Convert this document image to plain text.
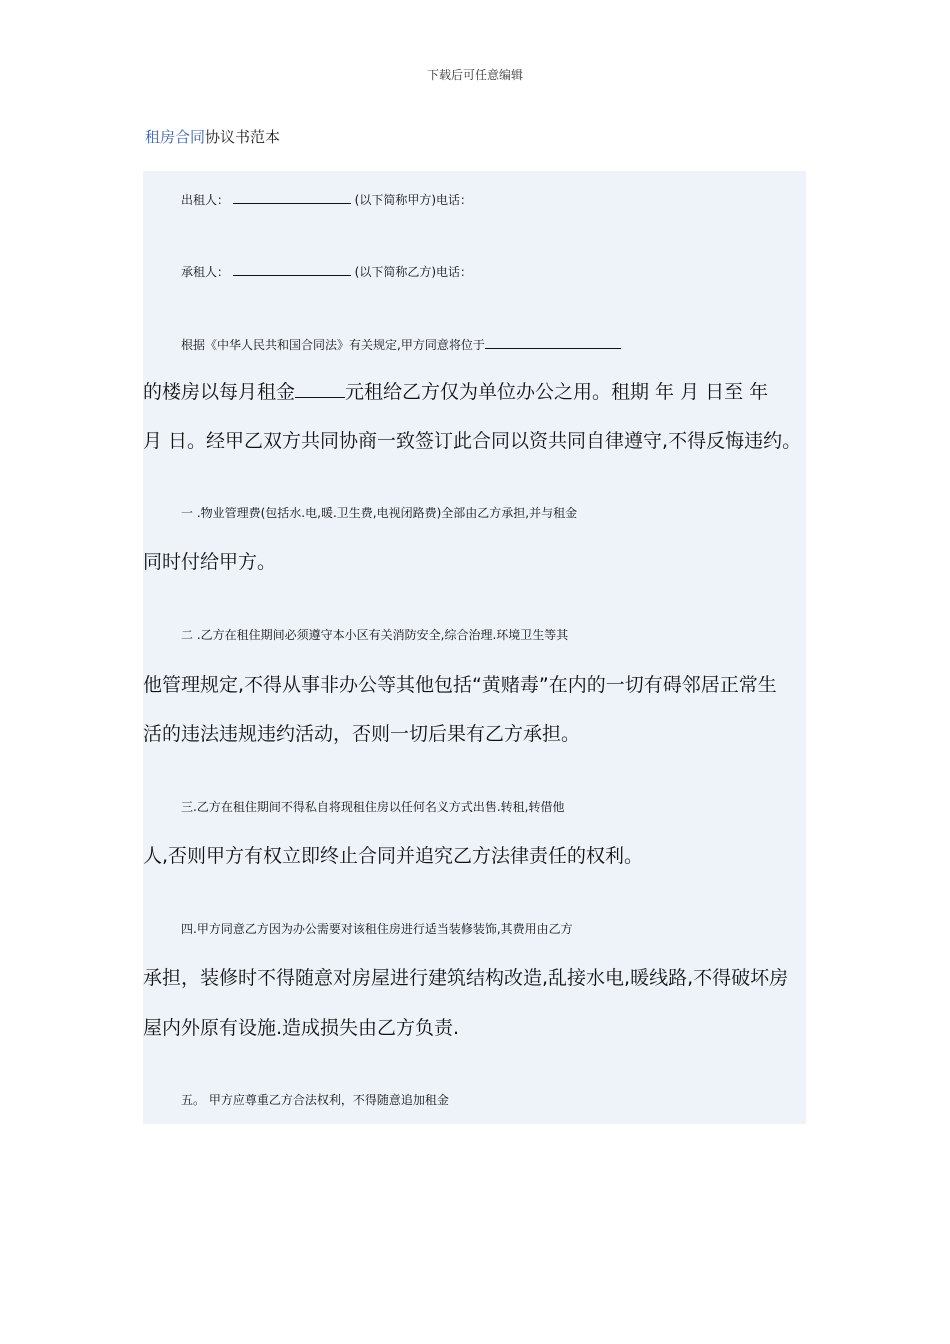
下载后可任意编辑
租房合同协议书范本
出租人：	(以下简称甲方)电话：
承租人：	(以下简称乙方)电话：
根据《中华人民共和国合同法》有关规定,甲方同意将位于
的楼房以每月租金	元租给乙方仅为单位办公之用。租期 年 月 日至 年
月 日。经甲乙双方共同协商一致签订此合同以资共同自律遵守,不得反悔违约。
一 .物业管理费(包括水.电,暖.卫生费,电视闭路费)全部由乙方承担,并与租金
同时付给甲方。
二 .乙方在租住期间必须遵守本小区有关消防安全,综合治理.环境卫生等其
他管理规定,不得从事非办公等其他包括“黄赌毒”在内的一切有碍邻居正常生
活的违法违规违约活动，否则一切后果有乙方承担。
三.乙方在租住期间不得私自将现租住房以任何名义方式出售.转租,转借他
人,否则甲方有权立即终止合同并追究乙方法律责任的权利。
四.甲方同意乙方因为办公需要对该租住房进行适当装修装饰,其费用由乙方
承担，装修时不得随意对房屋进行建筑结构改造,乱接水电,暖线路,不得破坏房
屋内外原有设施.造成损失由乙方负责.
五。 甲方应尊重乙方合法权利，不得随意追加租金
